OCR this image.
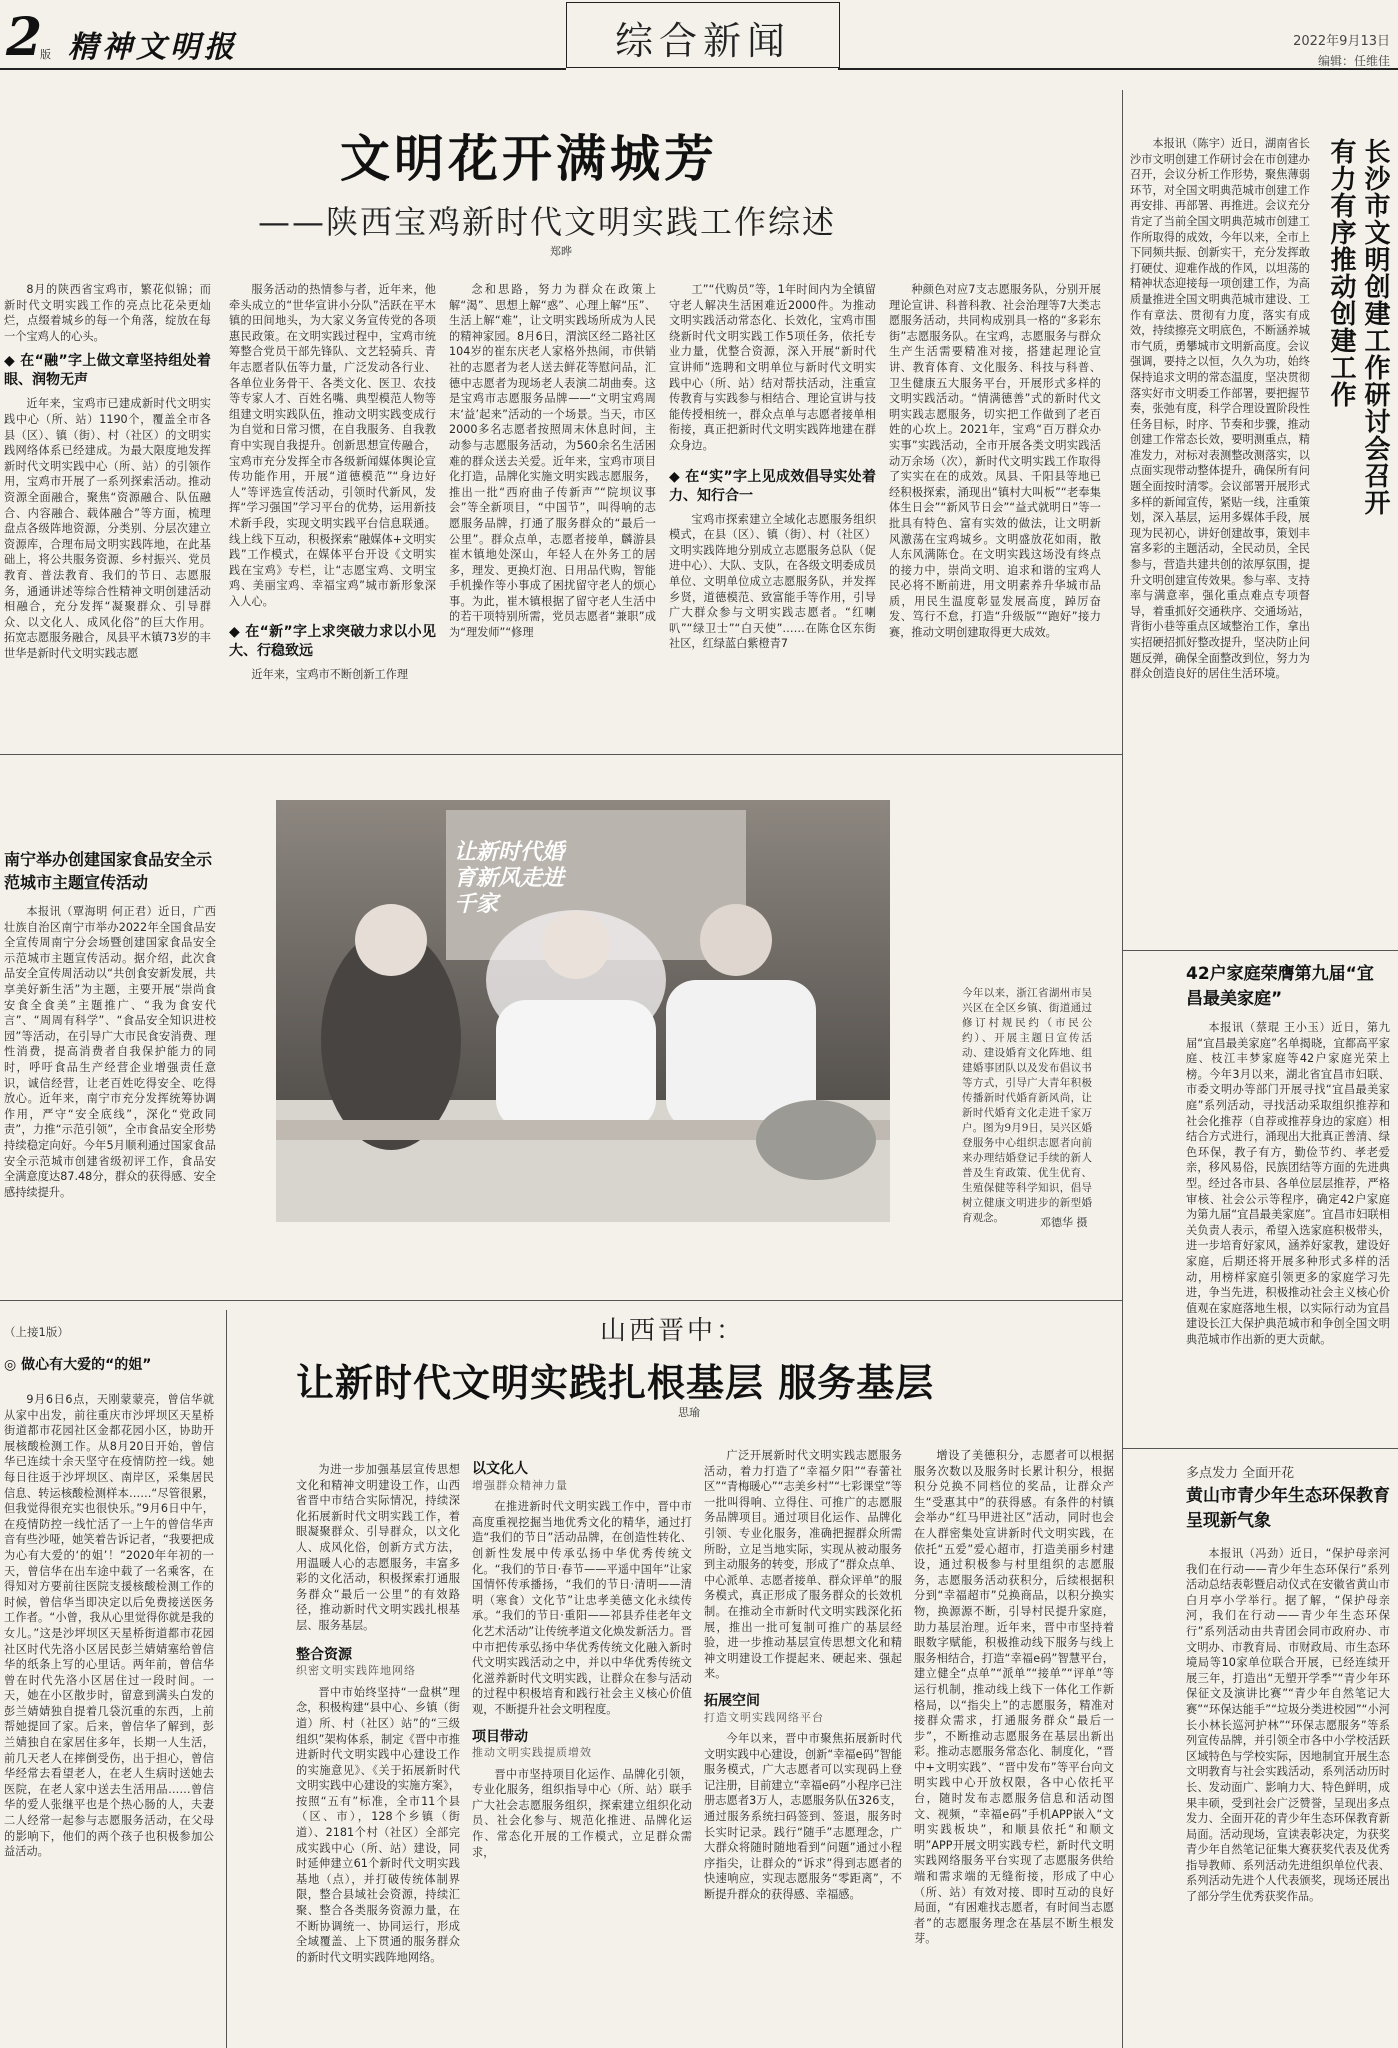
2
版 精神文明报	综合新闻	2022年9月13日
编辑：任维佳
文明花开满城芳
——陕西宝鸡新时代文明实践工作综述
郑晔

8月的陕西省宝鸡市，繁花似锦；而新时代文明实践工作的亮点比花朵更灿烂，点缀着城乡的每一个角落，绽放在每一个宝鸡人的心头。

◆ 在“融”字上做文章坚持组处着眼、润物无声

近年来，宝鸡市已建成新时代文明实践中心（所、站）1190个，覆盖全市各县（区）、镇（街）、村（社区）的文明实践网络体系已经建成。为最大限度地发挥新时代文明实践中心（所、站）的引领作用，宝鸡市开展了一系列探索活动。推动资源全面融合，聚焦“资源融合、队伍融合、内容融合、载体融合”等方面，梳理盘点各级阵地资源，分类别、分层次建立资源库，合理布局文明实践阵地，在此基础上，将公共服务资源、乡村振兴、党员教育、普法教育、我们的节日、志愿服务，通通讲述等综合性精神文明创建活动相融合，充分发挥“凝聚群众、引导群众、以文化人、成风化俗”的巨大作用。拓宽志愿服务融合，凤县平木镇73岁的丰世华是新时代文明实践志愿

服务活动的热情参与者，近年来，他牵头成立的“世华宣讲小分队”活跃在平木镇的田间地头，为大家义务宣传党的各项惠民政策。在文明实践过程中，宝鸡市统筹整合党员干部先锋队、文艺轻骑兵、青年志愿者队伍等力量，广泛发动各行业、各单位业务骨干、各类文化、医卫、农技等专家人才、百姓名嘴、典型模范人物等组建文明实践队伍，推动文明实践变成行为自觉和日常习惯，在自我服务、自我教育中实现自我提升。创新思想宣传融合，宝鸡市充分发挥全市各级新闻媒体舆论宣传功能作用，开展“道德模范”“身边好人”等评选宣传活动，引领时代新风，发挥“学习强国”学习平台的优势，运用新技术新手段，实现文明实践平台信息联通。线上线下互动，积极探索“融媒体+文明实践”工作模式，在媒体平台开设《文明实践在宝鸡》专栏，让“志愿宝鸡、文明宝鸡、美丽宝鸡、幸福宝鸡”城市新形象深入人心。

◆ 在“新”字上求突破力求以小见大、行稳致远

近年来，宝鸡市不断创新工作理

念和思路，努力为群众在政策上解“渴”、思想上解“惑”、心理上解“压”、生活上解“难”，让文明实践场所成为人民的精神家园。8月6日，渭滨区经二路社区104岁的崔东庆老人家格外热闹，市供销社的志愿者为老人送去鲜花等慰问品，汇德中志愿者为现场老人表演二胡曲奏。这是宝鸡市志愿服务品牌——“文明宝鸡周末‘益’起来”活动的一个场景。当天，市区2000多名志愿者按照周末休息时间，主动参与志愿服务活动，为560余名生活困难的群众送去关爱。近年来，宝鸡市项目化打造，品牌化实施文明实践志愿服务，推出一批“西府曲子传新声”“院坝议事会”等全新项目，“中国节”，叫得响的志愿服务品牌，打通了服务群众的“最后一公里”。群众点单，志愿者接单，麟游县崔木镇地处深山，年轻人在外务工的居多，理发、更换灯泡、日用品代购，智能手机操作等小事成了困扰留守老人的烦心事。为此，崔木镇根据了留守老人生活中的若干项特别所需，党员志愿者“兼职”成为“理发师”“修理

工”“代购员”等，1年时间内为全镇留守老人解决生活困难近2000件。为推动文明实践活动常态化、长效化，宝鸡市围绕新时代文明实践工作5项任务，依托专业力量，优整合资源，深入开展“新时代宣讲师”选聘和文明单位与新时代文明实践中心（所、站）结对帮扶活动，注重宣传教育与实践参与相结合、理论宣讲与技能传授相统一，群众点单与志愿者接单相衔接，真正把新时代文明实践阵地建在群众身边。

◆ 在“实”字上见成效倡导实处着力、知行合一

宝鸡市探索建立全域化志愿服务组织模式，在县（区）、镇（街）、村（社区）文明实践阵地分别成立志愿服务总队（促进中心）、大队、支队，在各级文明委成员单位、文明单位成立志愿服务队，并发挥乡贤，道德模范、致富能手等作用，引导广大群众参与文明实践志愿者。“红喇叭”“绿卫士”“白天使”……在陈仓区东街社区，红绿蓝白紫橙青7

种颜色对应7支志愿服务队，分别开展理论宣讲、科普科教、社会治理等7大类志愿服务活动，共同构成别具一格的“多彩东街”志愿服务队。在宝鸡，志愿服务与群众生产生活需要精准对接，搭建起理论宣讲、教育体育、文化服务、科技与科普、卫生健康五大服务平台，开展形式多样的文明实践活动。“情满德善”式的新时代文明实践志愿服务，切实把工作做到了老百姓的心坎上。2021年，宝鸡“百万群众办实事”实践活动，全市开展各类文明实践活动万余场（次），新时代文明实践工作取得了实实在在的成效。凤县、千阳县等地已经积极探索，涌现出“镇村大叫板”“老奉集体生日会”“新风节日会”“益式就明日”等一批具有特色、富有实效的做法，让文明新风激荡在宝鸡城乡。文明盛放花如雨，散人东风满陈仓。在文明实践这场没有终点的接力中，崇尚文明、追求和谐的宝鸡人民必将不断前进，用文明素养升华城市品质，用民生温度彰显发展高度，踔厉奋发、笃行不怠，打造“升级版”“跑好”接力赛，推动文明创建取得更大成效。

长沙市文明创建工作研讨会召开
有力有序推动创建工作

本报讯（陈宇）近日，湖南省长沙市文明创建工作研讨会在市创建办召开，会议分析工作形势，聚焦薄弱环节，对全国文明典范城市创建工作再安排、再部署、再推进。会议充分肯定了当前全国文明典范城市创建工作所取得的成效，今年以来，全市上下同频共振、创新实干，充分发挥敢打硬仗、迎难作战的作风，以坦荡的精神状态迎接每一项创建工作，为高质量推进全国文明典范城市建设、工作有章法、贯彻有力度，落实有成效，持续擦亮文明底色，不断涵养城市气质，勇攀城市文明新高度。会议强调，要持之以恒，久久为功，始终保持追求文明的常态温度，坚决贯彻落实好市文明委工作部署，要把握节奏，张弛有度，科学合理设置阶段性任务目标，时序、节奏和步骤，推动创建工作常态长效，要明测重点，精准发力，对标对表测整改测落实，以点面实现带动整体提升，确保所有问题全面按时清零。会议部署开展形式多样的新闻宣传，紧贴一线，注重策划，深入基层，运用多媒体手段，展现为民初心，讲好创建故事，策划丰富多彩的主题活动，全民动员，全民参与，营造共建共创的浓厚氛围，提升文明创建宣传效果。参与率、支持率与满意率，强化重点难点专项督导，着重抓好交通秩序、交通场站，背街小巷等重点区域整治工作，拿出实招硬招抓好整改提升，坚决防止问题反弹，确保全面整改到位，努力为群众创造良好的居住生活环境。

42户家庭荣膺第九届“宜昌最美家庭”

本报讯（蔡琨 王小玉）近日，第九届“宜昌最美家庭”名单揭晓，宜都高平家庭、枝江丰梦家庭等42户家庭光荣上榜。今年3月以来，湖北省宜昌市妇联、市委文明办等部门开展寻找“宜昌最美家庭”系列活动，寻找活动采取组织推荐和社会化推荐（自荐或推荐身边的家庭）相结合方式进行，涌现出大批真正善清、绿色环保，教子有方，勤俭节约、孝老爱亲，移风易俗，民族团结等方面的先进典型。经过各市县、各单位层层推荐，严格审核、社会公示等程序，确定42户家庭为第九届“宜昌最美家庭”。宜昌市妇联相关负责人表示，希望入选家庭积极带头，进一步培育好家风，涵养好家教，建设好家庭，后期还将开展多种形式多样的活动，用榜样家庭引领更多的家庭学习先进，争当先进，积极推动社会主义核心价值观在家庭落地生根，以实际行动为宜昌建设长江大保护典范城市和争创全国文明典范城市作出新的更大贡献。

多点发力 全面开花
黄山市青少年生态环保教育呈现新气象

本报讯（冯劲）近日，“保护母亲河 我们在行动——青少年生态环保行”系列活动总结表彰暨启动仪式在安徽省黄山市白月亭小学举行。据了解，“保护母亲河，我们在行动——青少年生态环保行”系列活动由共青团会同市政府办、市文明办、市教育局、市财政局、市生态环境局等10家单位联合开展，已经连续开展三年，打造出“无塑开学季”“青少年环保征文及演讲比赛”“青少年自然笔记大赛”“环保达能手”“垃圾分类进校园”“小河长小林长巡河护林”“环保志愿服务”等系列宣传品牌，并引领全市各中小学校活跃区域特色与学校实际，因地制宜开展生态文明教育与社会实践活动，系列活动历时长、发动面广、影响力大、特色鲜明，成果丰硕，受到社会广泛赞誉，呈现出多点发力、全面开花的青少年生态环保教育新局面。活动现场，宣读表彰决定，为获奖青少年自然笔记征集大赛获奖代表及优秀指导教师、系列活动先进组织单位代表、系列活动先进个人代表颁奖，现场还展出了部分学生优秀获奖作品。

南宁举办创建国家食品安全示范城市主题宣传活动

本报讯（覃海明 何正君）近日，广西壮族自治区南宁市举办2022年全国食品安全宣传周南宁分会场暨创建国家食品安全示范城市主题宣传活动。据介绍，此次食品安全宣传周活动以“共创食安新发展，共享美好新生活”为主题，主要开展“崇尚食安食全食美”主题推广、“我为食安代言”、“周周有科学”、“食品安全知识进校园”等活动，在引导广大市民食安消费、理性消费，提高消费者自我保护能力的同时，呼吁食品生产经营企业增强责任意识，诚信经营，让老百姓吃得安全、吃得放心。近年来，南宁市充分发挥统筹协调作用，严守“安全底线”，深化“党政同责”，力推“示范引领”，全市食品安全形势持续稳定向好。今年5月顺利通过国家食品安全示范城市创建省级初评工作，食品安全满意度达87.48分，群众的获得感、安全感持续提升。

让新时代婚育新风走进千家
今年以来，浙江省湖州市吴兴区在全区乡镇、街道通过修订村规民约（市民公约）、开展主题日宣传活动、建设婚育文化阵地、组建婚事团队以及发布倡议书等方式，引导广大青年积极传播新时代婚育新风尚，让新时代婚育文化走进千家万户。图为9月9日，吴兴区婚登服务中心组织志愿者向前来办理结婚登记手续的新人普及生育政策、优生优育、生殖保健等科学知识，倡导树立健康文明进步的新型婚育观念。	邓德华 摄
（上接1版）
◎ 做心有大爱的“的姐”

9月6日6点，天刚蒙蒙亮，曾信华就从家中出发，前往重庆市沙坪坝区天星桥街道都市花园社区金都花园小区，协助开展核酸检测工作。从8月20日开始，曾信华已连续十余天坚守在疫情防控一线。她每日往返于沙坪坝区、南岸区，采集居民信息、转运核酸检测样本……“尽管很累，但我觉得很充实也很快乐。”9月6日中午，在疫情防控一线忙活了一上午的曾信华声音有些沙哑，她笑着告诉记者，“我要把成为心有大爱的‘的姐’！”2020年年初的一天，曾信华在出车途中载了一名乘客，在得知对方要前往医院支援核酸检测工作的时候，曾信华当即决定以后免费接送医务工作者。“小曾，我从心里觉得你就是我的女儿。”这是沙坪坝区天星桥街道都市花园社区时代先洛小区居民彭兰婧婧塞给曾信华的纸条上写的心里话。两年前，曾信华曾在时代先洛小区居住过一段时间。一天，她在小区散步时，留意到满头白发的彭兰婧婧独自提着几袋沉重的东西，上前帮她提回了家。后来，曾信华了解到，彭兰婧独自在家居住多年，长期一人生活，前几天老人在摔倒受伤，出于担心，曾信华经常去看望老人，在老人生病时送她去医院，在老人家中送去生活用品……曾信华的爱人张继平也是个热心肠的人，夫妻二人经常一起参与志愿服务活动，在父母的影响下，他们的两个孩子也积极参加公益活动。

山西晋中：
让新时代文明实践扎根基层 服务基层
思瑜

为进一步加强基层宣传思想文化和精神文明建设工作，山西省晋中市结合实际情况，持续深化拓展新时代文明实践工作，着眼凝聚群众、引导群众，以文化人、成风化俗，创新方式方法，用温暖人心的志愿服务，丰富多彩的文化活动，积极探索打通服务群众“最后一公里”的有效路径，推动新时代文明实践扎根基层、服务基层。

整合资源
织密文明实践阵地网络

晋中市始终坚持“一盘棋”理念，积极构建“县中心、乡镇（街道）所、村（社区）站”的“三级组织”架构体系，制定《晋中市推进新时代文明实践中心建设工作的实施意见》、《关于拓展新时代文明实践中心建设的实施方案》，按照“五有”标准，全市11个县（区、市），128个乡镇（街道）、2181个村（社区）全部完成实践中心（所、站）建设，同时延伸建立61个新时代文明实践基地（点），并打破传统体制界限，整合县域社会资源，持续汇聚、整合各类服务资源力量，在不断协调统一、协同运行，形成全域覆盖、上下贯通的服务群众的新时代文明实践阵地网络。

以文化人
增强群众精神力量

在推进新时代文明实践工作中，晋中市高度重视挖掘当地优秀文化的精华，通过打造“我们的节日”活动品牌，在创造性转化、创新性发展中传承弘扬中华优秀传统文化。“我们的节日·春节——平遥中国年”让家国情怀传承播扬，“我们的节日·清明——清明（寒食）文化节”让忠孝美德文化永续传承。“我们的节日·重阳——祁县乔佳老年文化艺术活动”让传统孝道文化焕发新活力。晋中市把传承弘扬中华优秀传统文化融入新时代文明实践活动之中，并以中华优秀传统文化滋养新时代文明实践，让群众在参与活动的过程中积极培育和践行社会主义核心价值观，不断提升社会文明程度。

项目带动
推动文明实践提质增效

晋中市坚持项目化运作、品牌化引领，专业化服务，组织指导中心（所、站）联手广大社会志愿服务组织，探索建立组织化动员、社会化参与、规范化推进、品牌化运作、常态化开展的工作模式，立足群众需求，

广泛开展新时代文明实践志愿服务活动，着力打造了“幸福夕阳”“春蕾社区”“青梅暖心”“志美乡村”“七彩课堂”等一批叫得响、立得住、可推广的志愿服务品牌项目。通过项目化运作、品牌化引领、专业化服务，准确把握群众所需所盼，立足当地实际，实现从被动服务到主动服务的转变，形成了“群众点单、中心派单、志愿者接单、群众评单”的服务模式，真正形成了服务群众的长效机制。在推动全市新时代文明实践深化拓展，推出一批可复制可推广的基层经验，进一步推动基层宣传思想文化和精神文明建设工作提起来、硬起来、强起来。

拓展空间
打造文明实践网络平台

今年以来，晋中市聚焦拓展新时代文明实践中心建设，创新“幸福e码”智能服务模式，广大志愿者可以实现码上登记注册，目前建立“幸福e码”小程序已注册志愿者3万人，志愿服务队伍326支，通过服务系统扫码签到、签退，服务时长实时记录。践行“随手”志愿理念，广大群众将随时随地看到“问题”通过小程序指尖，让群众的“诉求”得到志愿者的快速响应，实现志愿服务“零距离”，不断提升群众的获得感、幸福感。

增设了美德积分，志愿者可以根据服务次数以及服务时长累计积分，根据积分兑换不同档位的奖品，让群众产生“受惠其中”的获得感。有条件的村镇会举办“红马甲进社区”活动，同时也会在人群密集处宣讲新时代文明实践，在依托“五爱”爱心超市，打造美丽乡村建设，通过积极参与村里组织的志愿服务，志愿服务活动获积分，后续根据积分到“幸福超市”兑换商品，以积分换实物，换源源不断，引导村民提升家庭，助力基层治理。近年来，晋中市坚持着眼数字赋能，积极推动线下服务与线上服务相结合，打造“幸福e码”智慧平台，建立健全“点单”“派单”“接单”“评单”等运行机制，推动线上线下一体化工作新格局，以“指尖上”的志愿服务，精准对接群众需求，打通服务群众“最后一步”，不断推动志愿服务在基层出新出彩。推动志愿服务常态化、制度化，“晋中+文明实践”、“晋中发布”等平台向文明实践中心开放权限，各中心依托平台，随时发布志愿服务信息和活动图文、视频，“幸福e码”手机APP嵌入“文明实践板块”，和顺县依托“和顺文明”APP开展文明实践专栏，新时代文明实践网络服务平台实现了志愿服务供给端和需求端的无缝衔接，形成了中心（所、站）有效对接、即时互动的良好局面，“有困难找志愿者，有时间当志愿者”的志愿服务理念在基层不断生根发芽。
